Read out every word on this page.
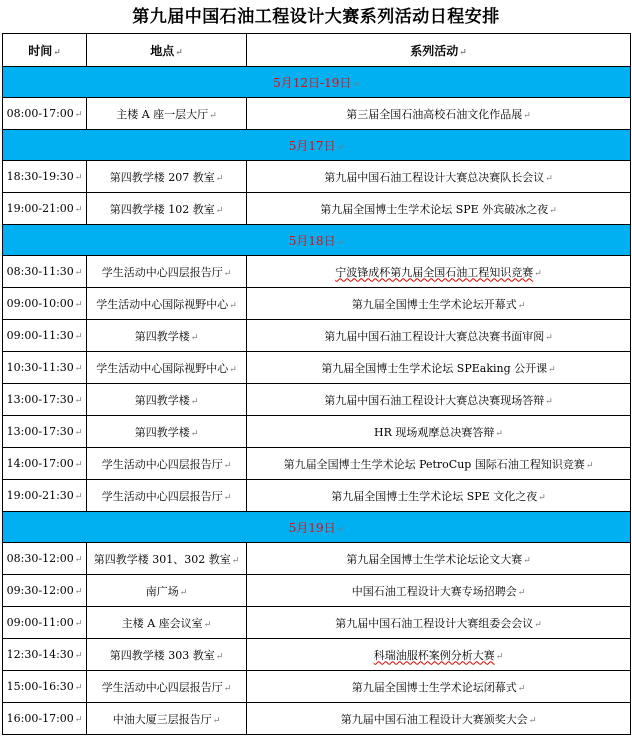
第九届中国石油工程设计大赛系列活动日程安排
时间↵	地点↵	系列活动↵
5月12日-19日↵		
08:00-17:00↵	主楼 A 座一层大厅↵	第三届全国石油高校石油文化作品展↵
5月17日↵		
18:30-19:30↵	第四教学楼 207 教室↵	第九届中国石油工程设计大赛总决赛队长会议↵
19:00-21:00↵	第四教学楼 102 教室↵	第九届全国博士生学术论坛 SPE 外宾破冰之夜↵
5月18日↵		
08:30-11:30↵	学生活动中心四层报告厅↵	宁波锋成杯第九届全国石油工程知识竞赛↵
09:00-10:00↵	学生活动中心国际视野中心↵	第九届全国博士生学术论坛开幕式↵
09:00-11:30↵	第四教学楼↵	第九届中国石油工程设计大赛总决赛书面审阅↵
10:30-11:30↵	学生活动中心国际视野中心↵	第九届全国博士生学术论坛 SPEaking 公开课↵
13:00-17:30↵	第四教学楼↵	第九届中国石油工程设计大赛总决赛现场答辩↵
13:00-17:30↵	第四教学楼↵	HR 现场观摩总决赛答辩↵
14:00-17:00↵	学生活动中心四层报告厅↵	第九届全国博士生学术论坛 PetroCup 国际石油工程知识竞赛↵
19:00-21:30↵	学生活动中心四层报告厅↵	第九届全国博士生学术论坛 SPE 文化之夜↵
5月19日↵		
08:30-12:00↵	第四教学楼 301、302 教室↵	第九届全国博士生学术论坛论文大赛↵
09:30-12:00↵	南广场↵	中国石油工程设计大赛专场招聘会↵
09:00-11:00↵	主楼 A 座会议室↵	第九届中国石油工程设计大赛组委会会议↵
12:30-14:30↵	第四教学楼 303 教室↵	科瑞油服杯案例分析大赛↵
15:00-16:30↵	学生活动中心四层报告厅↵	第九届全国博士生学术论坛闭幕式↵
16:00-17:00↵	中油大厦三层报告厅↵	第九届中国石油工程设计大赛颁奖大会↵
